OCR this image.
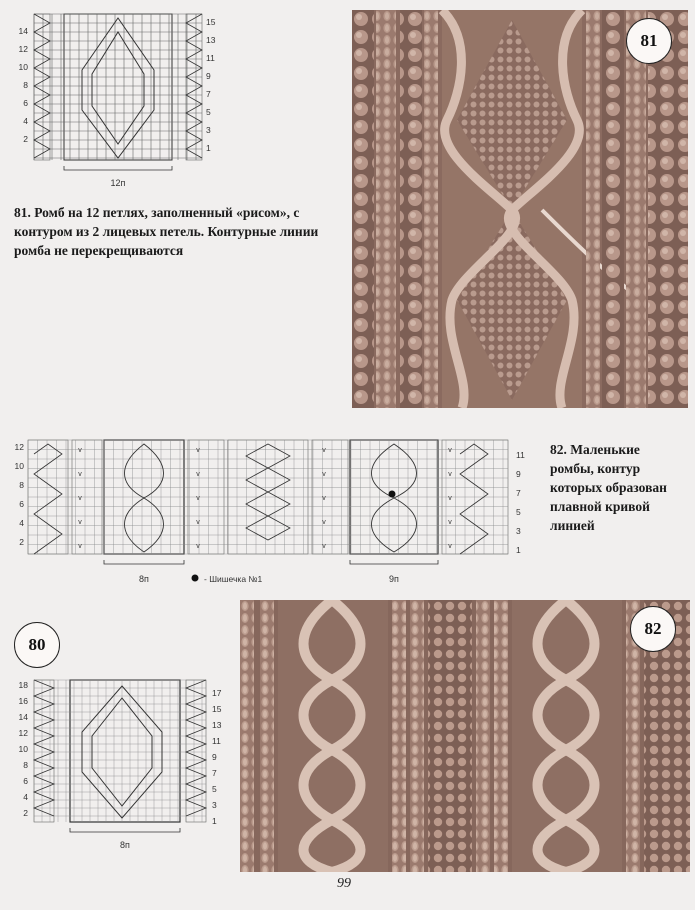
12п
14
12
10
8
6
4
2
15
13
11
9
7
5
3
1
81. Ромб на 12 петлях, заполненный «рисом», с контуром из 2 лицевых петель. Контурные линии ромба не перекрещиваются
81
v
v
v
v
v
v
v
v
v
v
v
v
v
v
v
v
v
v
v
v
8п	9п
- Шишечка №1
12
10
8
6
4
2
11
9
7
5
3
1
82. Маленькие ромбы, контур которых образован плавной кривой линией
80
8п
18
16
14
12
10
8
6
4
2
17
15
13
11
9
7
5
3
1
82
99
